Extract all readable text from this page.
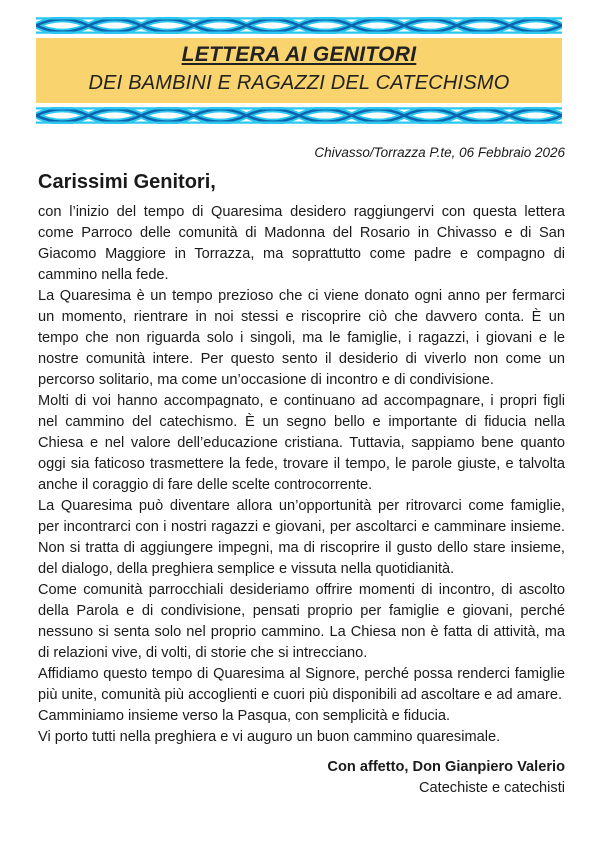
LETTERA AI GENITORI
DEI BAMBINI E RAGAZZI DEL CATECHISMO
Chivasso/Torrazza P.te, 06 Febbraio 2026
Carissimi Genitori,

con l’inizio del tempo di Quaresima desidero raggiungervi con questa lettera come Parroco delle comunità di Madonna del Rosario in Chivasso e di San Giacomo Maggiore in Torrazza, ma soprattutto come padre e compagno di cammino nella fede.

La Quaresima è un tempo prezioso che ci viene donato ogni anno per fermarci un momento, rientrare in noi stessi e riscoprire ciò che davvero conta. È un tempo che non riguarda solo i singoli, ma le famiglie, i ragazzi, i giovani e le nostre comunità intere. Per questo sento il desiderio di viverlo non come un percorso solitario, ma come un’occasione di incontro e di condivisione.

Molti di voi hanno accompagnato, e continuano ad accompagnare, i propri figli nel cammino del catechismo. È un segno bello e importante di fiducia nella Chiesa e nel valore dell’educazione cristiana. Tuttavia, sappiamo bene quanto oggi sia faticoso trasmettere la fede, trovare il tempo, le parole giuste, e talvolta anche il coraggio di fare delle scelte controcorrente.

La Quaresima può diventare allora un’opportunità per ritrovarci come famiglie, per incontrarci con i nostri ragazzi e giovani, per ascoltarci e camminare insieme. Non si tratta di aggiungere impegni, ma di riscoprire il gusto dello stare insieme, del dialogo, della preghiera semplice e vissuta nella quotidianità.

Come comunità parrocchiali desideriamo offrire momenti di incontro, di ascolto della Parola e di condivisione, pensati proprio per famiglie e giovani, perché nessuno si senta solo nel proprio cammino. La Chiesa non è fatta di attività, ma di relazioni vive, di volti, di storie che si intrecciano.

Affidiamo questo tempo di Quaresima al Signore, perché possa renderci famiglie più unite, comunità più accoglienti e cuori più disponibili ad ascoltare e ad amare.

Camminiamo insieme verso la Pasqua, con semplicità e fiducia.

Vi porto tutti nella preghiera e vi auguro un buon cammino quaresimale.

Con affetto, Don Gianpiero Valerio
Catechiste e catechisti
